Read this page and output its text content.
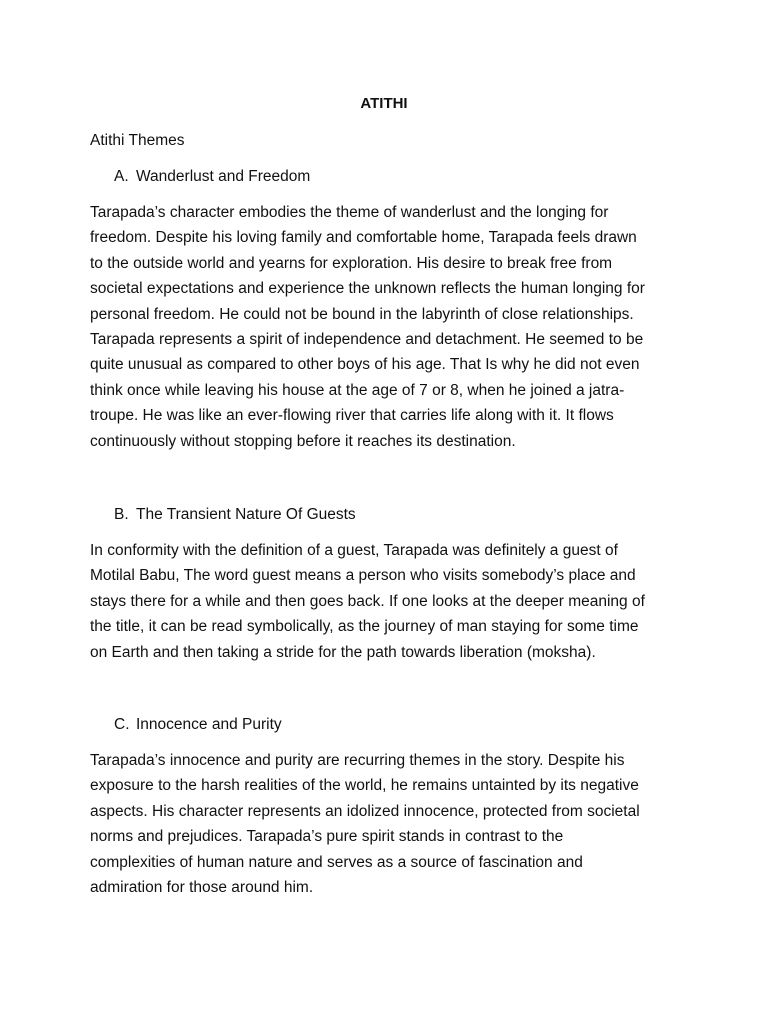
ATITHI
Atithi Themes
A. Wanderlust and Freedom
Tarapada’s character embodies the theme of wanderlust and the longing for
freedom. Despite his loving family and comfortable home, Tarapada feels drawn
to the outside world and yearns for exploration. His desire to break free from
societal expectations and experience the unknown reflects the human longing for
personal freedom. He could not be bound in the labyrinth of close relationships.
Tarapada represents a spirit of independence and detachment. He seemed to be
quite unusual as compared to other boys of his age. That Is why he did not even
think once while leaving his house at the age of 7 or 8, when he joined a jatra-
troupe. He was like an ever-flowing river that carries life along with it. It flows
continuously without stopping before it reaches its destination.
B. The Transient Nature Of Guests
In conformity with the definition of a guest, Tarapada was definitely a guest of
Motilal Babu, The word guest means a person who visits somebody’s place and
stays there for a while and then goes back. If one looks at the deeper meaning of
the title, it can be read symbolically, as the journey of man staying for some time
on Earth and then taking a stride for the path towards liberation (moksha).
C. Innocence and Purity
Tarapada’s innocence and purity are recurring themes in the story. Despite his
exposure to the harsh realities of the world, he remains untainted by its negative
aspects. His character represents an idolized innocence, protected from societal
norms and prejudices. Tarapada’s pure spirit stands in contrast to the
complexities of human nature and serves as a source of fascination and
admiration for those around him.
